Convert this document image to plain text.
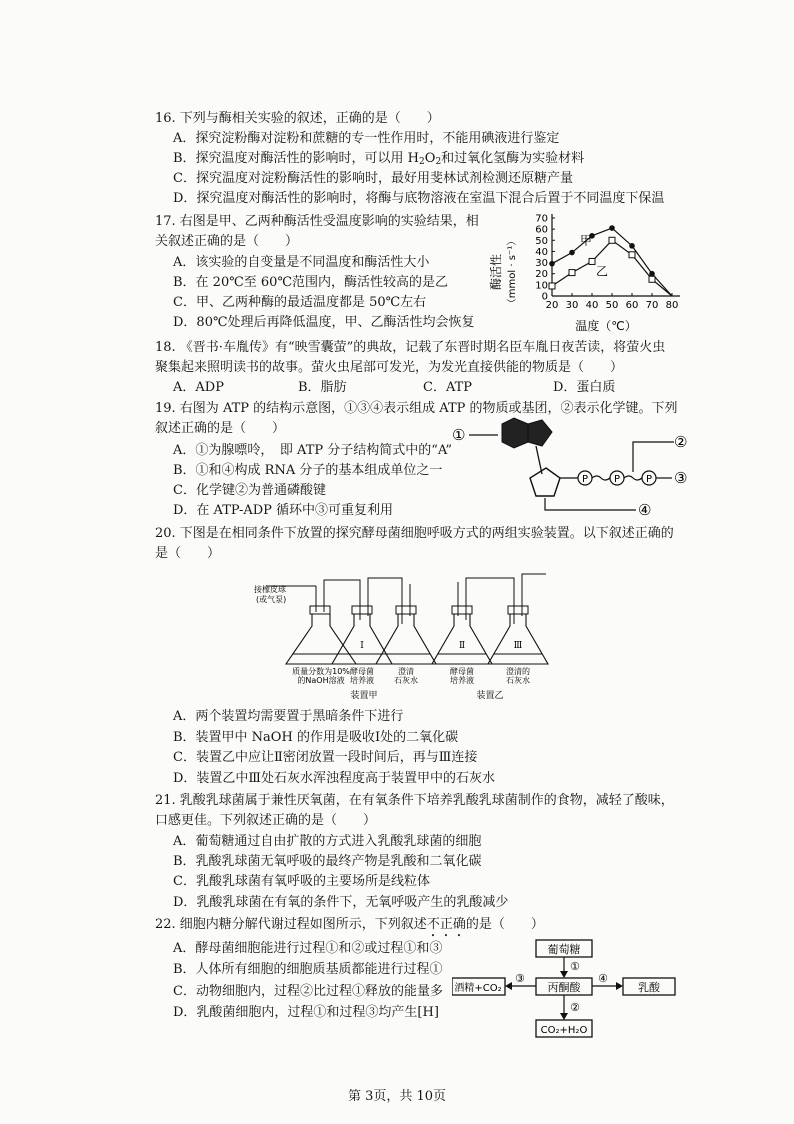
16. 下列与酶相关实验的叙述，正确的是（　　）
A．探究淀粉酶对淀粉和蔗糖的专一性作用时，不能用碘液进行鉴定
B．探究温度对酶活性的影响时，可以用 $H_2O_2$和过氧化氢酶为实验材料
C．探究温度对淀粉酶活性的影响时，最好用斐林试剂检测还原糖产量
D．探究温度对酶活性的影响时，将酶与底物溶液在室温下混合后置于不同温度下保温
17. 右图是甲、乙两种酶活性受温度影响的实验结果，相
关叙述正确的是（　　）
A．该实验的自变量是不同温度和酶活性大小
B．在 20℃至 60℃范围内，酶活性较高的是乙
C．甲、乙两种酶的最适温度都是 50℃左右
D．80℃处理后再降低温度，甲、乙酶活性均会恢复
20 30 40 50 60 70 80
0
10
20
30
40
50
60
70
甲
乙
酶活性 （mmol · s⁻¹）
温度（℃）
18. 《晋书·车胤传》有“映雪囊萤”的典故，记载了东晋时期名臣车胤日夜苦读，将萤火虫
聚集起来照明读书的故事。萤火虫尾部可发光，为发光直接供能的物质是（　　）
A．ADP	B．脂肪	C．ATP	D．蛋白质
19. 右图为 ATP 的结构示意图，①③④表示组成 ATP 的物质或基团，②表示化学键。下列
叙述正确的是（　　）
A．①为腺嘌呤，　即 ATP 分子结构简式中的“A”
B．①和④构成 RNA 分子的基本组成单位之一
C．化学键②为普通磷酸键
D．在 ATP-ADP 循环中③可重复利用
①
P	P	P ③
②
④
20. 下图是在相同条件下放置的探究酵母菌细胞呼吸方式的两组实验装置。以下叙述正确的
是（　　）
接橡皮球
(或气泵)
Ⅰ	Ⅱ	Ⅲ
质量分数为10%
的NaOH溶液
酵母菌
培养液
澄清
石灰水
酵母菌
培养液
澄清的
石灰水
装置甲	装置乙
A．两个装置均需要置于黑暗条件下进行
B．装置甲中 NaOH 的作用是吸收Ⅰ处的二氧化碳
C．装置乙中应让Ⅱ密闭放置一段时间后，再与Ⅲ连接
D．装置乙中Ⅲ处石灰水浑浊程度高于装置甲中的石灰水
21. 乳酸乳球菌属于兼性厌氧菌，在有氧条件下培养乳酸乳球菌制作的食物，减轻了酸味，
口感更佳。下列叙述正确的是（　　）
A．葡萄糖通过自由扩散的方式进入乳酸乳球菌的细胞
B．乳酸乳球菌无氧呼吸的最终产物是乳酸和二氧化碳
C．乳酸乳球菌有氧呼吸的主要场所是线粒体
D．乳酸乳球菌在有氧的条件下，无氧呼吸产生的乳酸减少
22. 细胞内糖分解代谢过程如图所示，下列叙述不正确的是（　　）
A．酵母菌细胞能进行过程①和②或过程①和③
B．人体所有细胞的细胞质基质都能进行过程①
C．动物细胞内，过程②比过程①释放的能量多
D．乳酸菌细胞内，过程①和过程③均产生[H]
葡萄糖
①
丙酮酸
③
酒精+CO₂
④
乳酸
②
CO₂+H₂O
第 3页，共 10页
